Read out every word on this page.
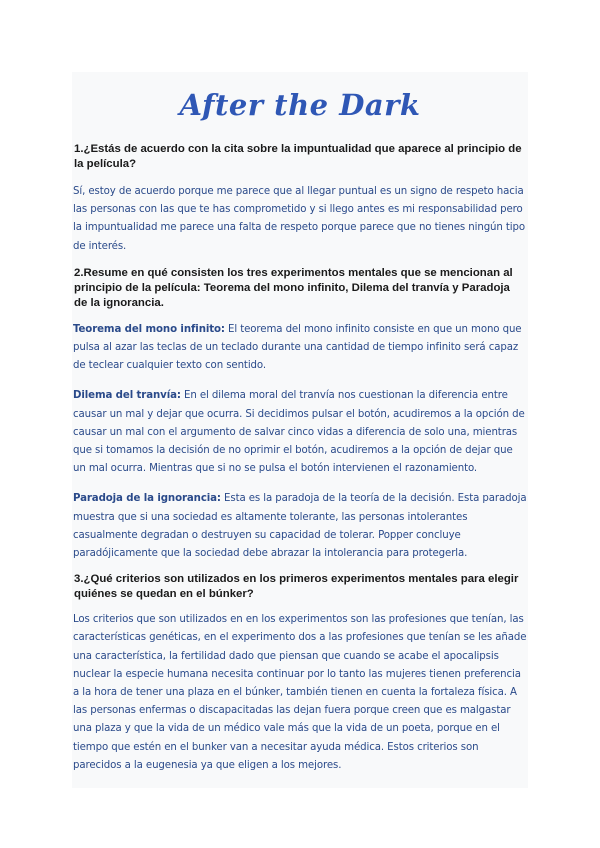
After the Dark

1.¿Estás de acuerdo con la cita sobre la impuntualidad que aparece al principio de la película?

Sí, estoy de acuerdo porque me parece que al llegar puntual es un signo de respeto hacia las personas con las que te has comprometido y si llego antes es mi responsabilidad pero la impuntualidad me parece una falta de respeto porque parece que no tienes ningún tipo de interés.

2.Resume en qué consisten los tres experimentos mentales que se mencionan al principio de la película: Teorema del mono infinito, Dilema del tranvía y Paradoja de la ignorancia.

Teorema del mono infinito: El teorema del mono infinito consiste en que un mono que pulsa al azar las teclas de un teclado durante una cantidad de tiempo infinito será capaz de teclear cualquier texto con sentido.

Dilema del tranvía: En el dilema moral del tranvía nos cuestionan la diferencia entre causar un mal y dejar que ocurra. Si decidimos pulsar el botón, acudiremos a la opción de causar un mal con el argumento de salvar cinco vidas a diferencia de solo una, mientras que si tomamos la decisión de no oprimir el botón, acudiremos a la opción de dejar que un mal ocurra. Mientras que si no se pulsa el botón intervienen el razonamiento.

Paradoja de la ignorancia: Esta es la paradoja de la teoría de la decisión. Esta paradoja muestra que si una sociedad es altamente tolerante, las personas intolerantes casualmente degradan o destruyen su capacidad de tolerar. Popper concluye paradójicamente que la sociedad debe abrazar la intolerancia para protegerla.

3.¿Qué criterios son utilizados en los primeros experimentos mentales para elegir quiénes se quedan en el búnker?

Los criterios que son utilizados en en los experimentos son las profesiones que tenían, las características genéticas, en el experimento dos a las profesiones que tenían se les añade una característica, la fertilidad dado que piensan que cuando se acabe el apocalipsis nuclear la especie humana necesita continuar por lo tanto las mujeres tienen preferencia a la hora de tener una plaza en el búnker, también tienen en cuenta la fortaleza física. A las personas enfermas o discapacitadas las dejan fuera porque creen que es malgastar una plaza y que la vida de un médico vale más que la vida de un poeta, porque en el tiempo que estén en el bunker van a necesitar ayuda médica. Estos criterios son parecidos a la eugenesia ya que eligen a los mejores.
